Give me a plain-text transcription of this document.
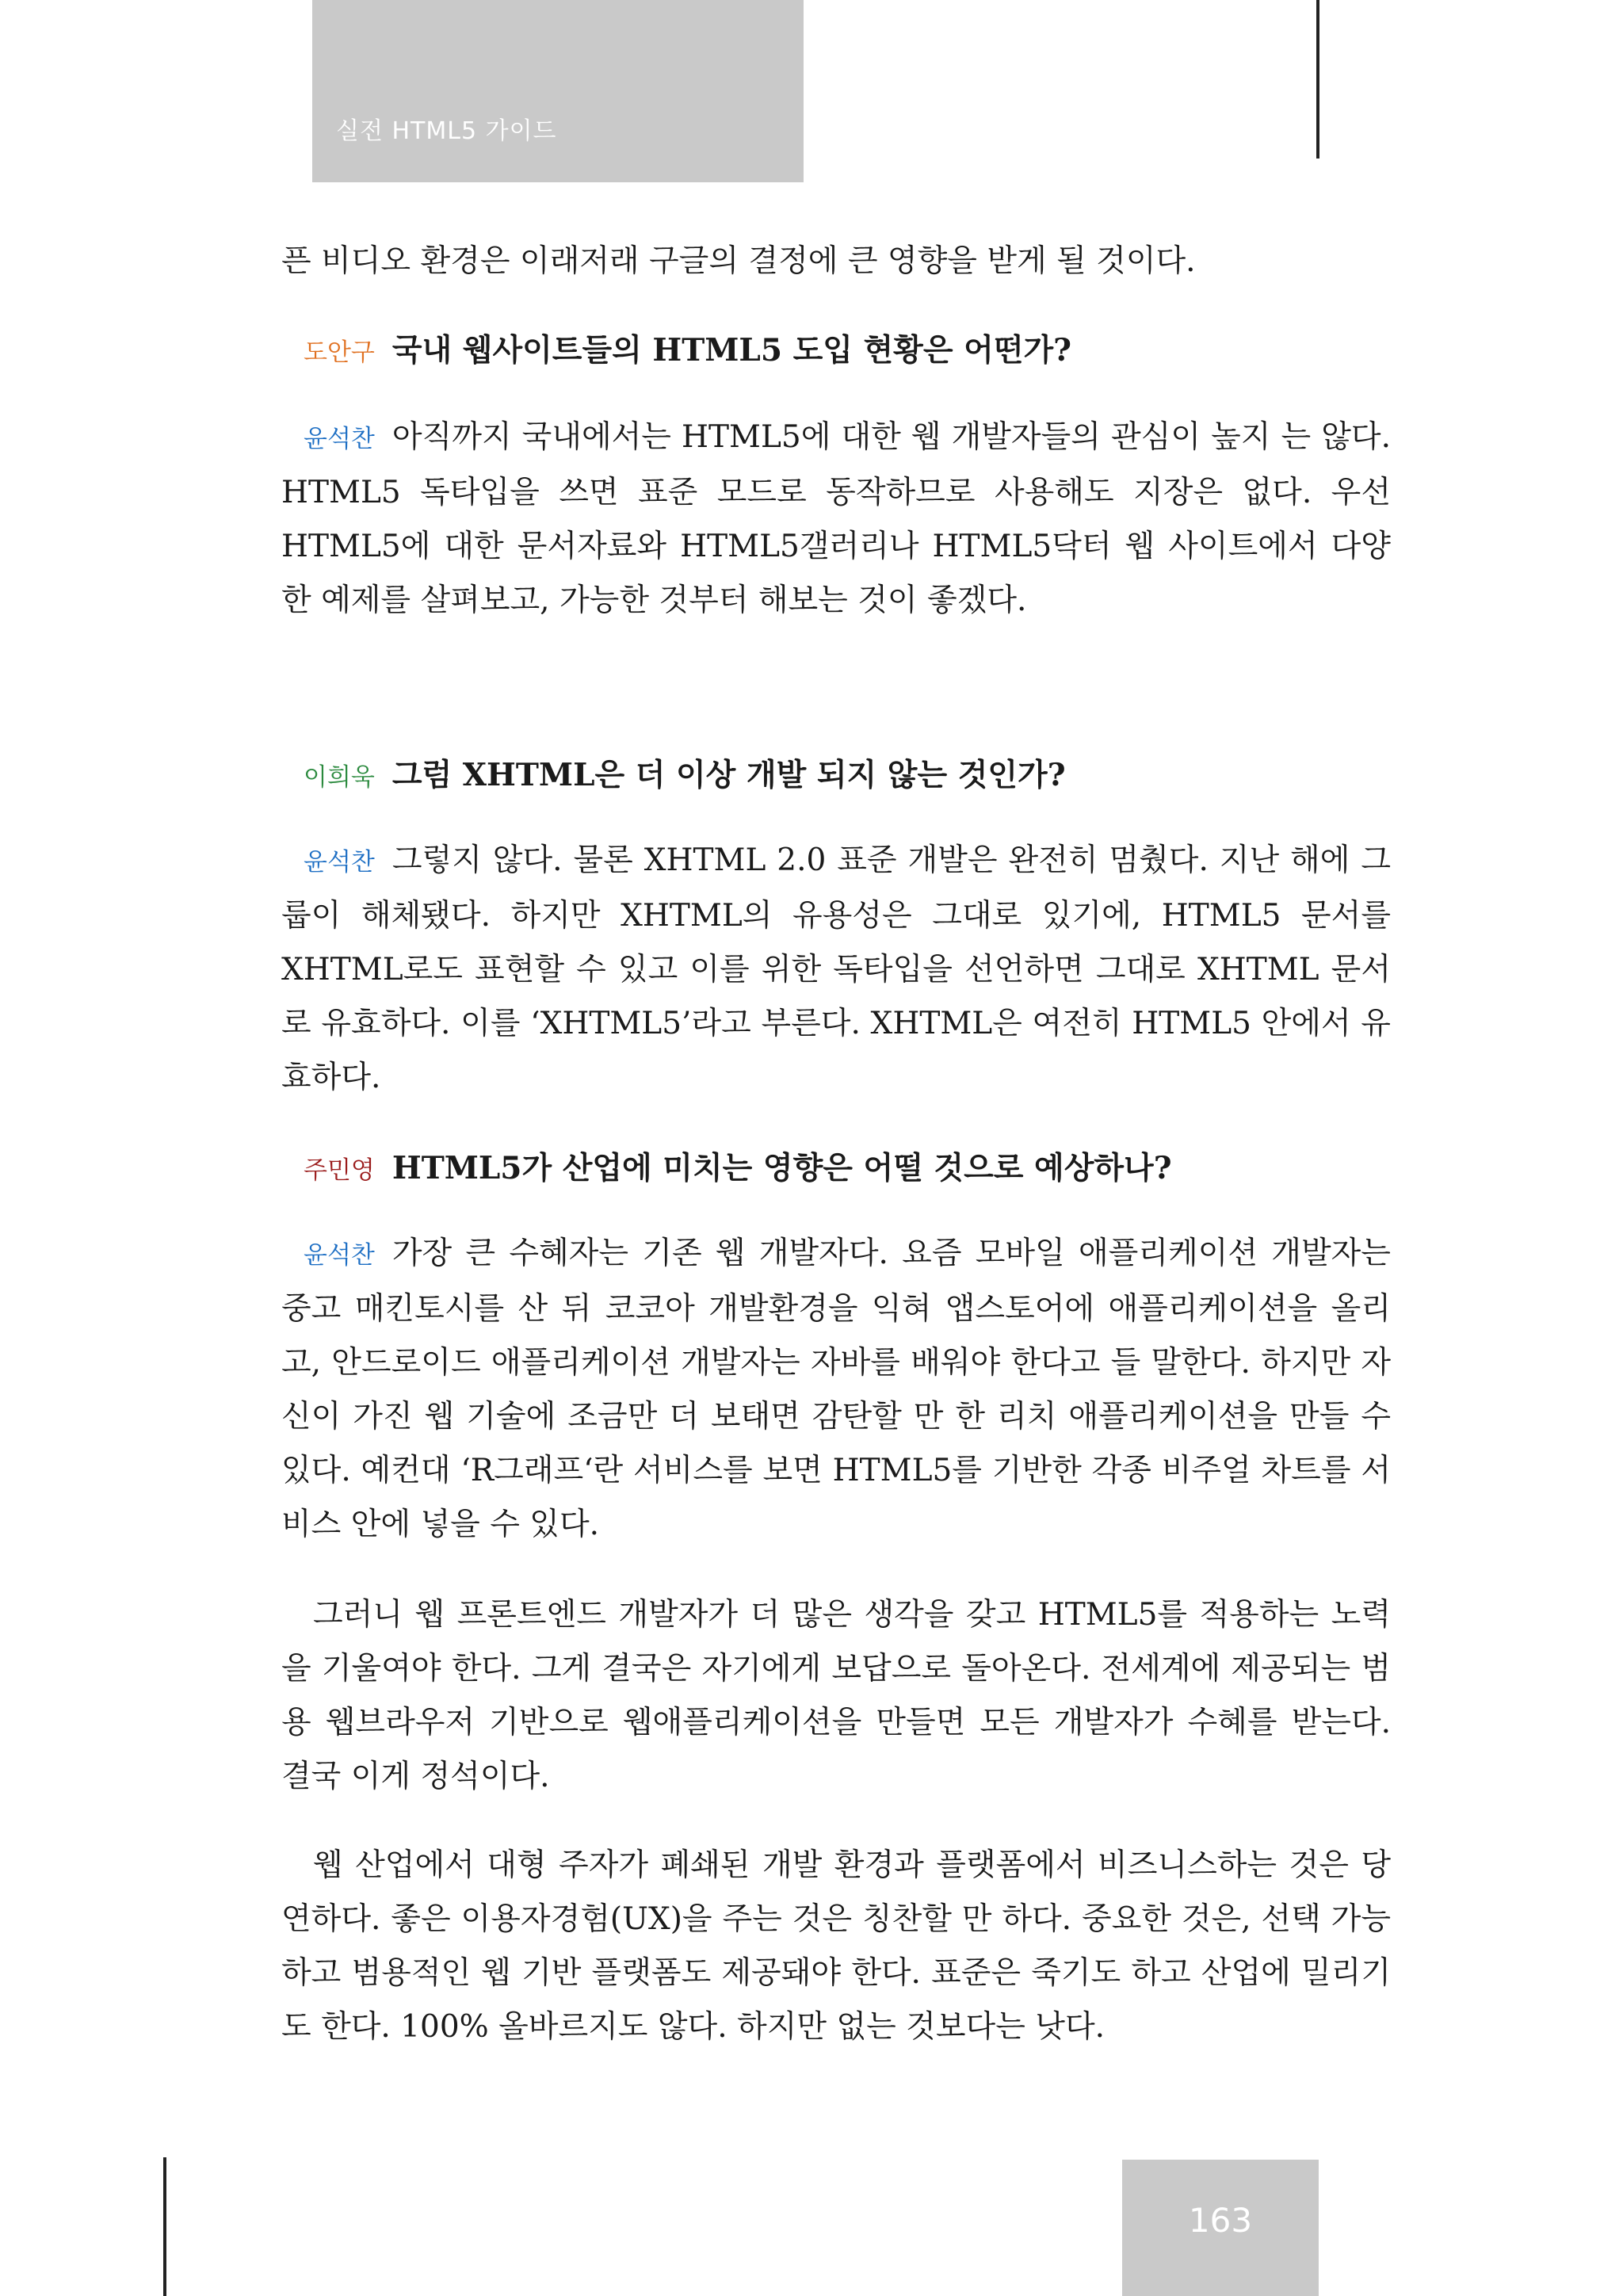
실전 HTML5 가이드
픈 비디오 환경은 이래저래 구글의 결정에 큰 영향을 받게 될 것이다.
도안구 국내 웹사이트들의 HTML5 도입 현황은 어떤가?
윤석찬 아직까지 국내에서는 HTML5에 대한 웹 개발자들의 관심이 높지 는 않다. HTML5 독타입을 쓰면 표준 모드로 동작하므로 사용해도 지장은 없다. 우선 HTML5에 대한 문서자료와 HTML5갤러리나 HTML5닥터 웹 사이트에서 다양한 예제를 살펴보고, 가능한 것부터 해보는 것이 좋겠다.
이희욱 그럼 XHTML은 더 이상 개발 되지 않는 것인가?
윤석찬 그렇지 않다. 물론 XHTML 2.0 표준 개발은 완전히 멈췄다. 지난 해에 그룹이 해체됐다. 하지만 XHTML의 유용성은 그대로 있기에, HTML5 문서를 XHTML로도 표현할 수 있고 이를 위한 독타입을 선언하면 그대로 XHTML 문서로 유효하다. 이를 ‘XHTML5’라고 부른다. XHTML은 여전히 HTML5 안에서 유효하다.
주민영 HTML5가 산업에 미치는 영향은 어떨 것으로 예상하나?
윤석찬 가장 큰 수혜자는 기존 웹 개발자다. 요즘 모바일 애플리케이션 개발자는 중고 매킨토시를 산 뒤 코코아 개발환경을 익혀 앱스토어에 애플리케이션을 올리고, 안드로이드 애플리케이션 개발자는 자바를 배워야 한다고 들 말한다. 하지만 자신이 가진 웹 기술에 조금만 더 보태면 감탄할 만 한 리치 애플리케이션을 만들 수 있다. 예컨대 ‘R그래프‘란 서비스를 보면 HTML5를 기반한 각종 비주얼 차트를 서비스 안에 넣을 수 있다.
그러니 웹 프론트엔드 개발자가 더 많은 생각을 갖고 HTML5를 적용하는 노력을 기울여야 한다. 그게 결국은 자기에게 보답으로 돌아온다. 전세계에 제공되는 범용 웹브라우저 기반으로 웹애플리케이션을 만들면 모든 개발자가 수혜를 받는다. 결국 이게 정석이다.
웹 산업에서 대형 주자가 폐쇄된 개발 환경과 플랫폼에서 비즈니스하는 것은 당연하다. 좋은 이용자경험(UX)을 주는 것은 칭찬할 만 하다. 중요한 것은, 선택 가능하고 범용적인 웹 기반 플랫폼도 제공돼야 한다. 표준은 죽기도 하고 산업에 밀리기도 한다. 100% 올바르지도 않다. 하지만 없는 것보다는 낫다.
163
